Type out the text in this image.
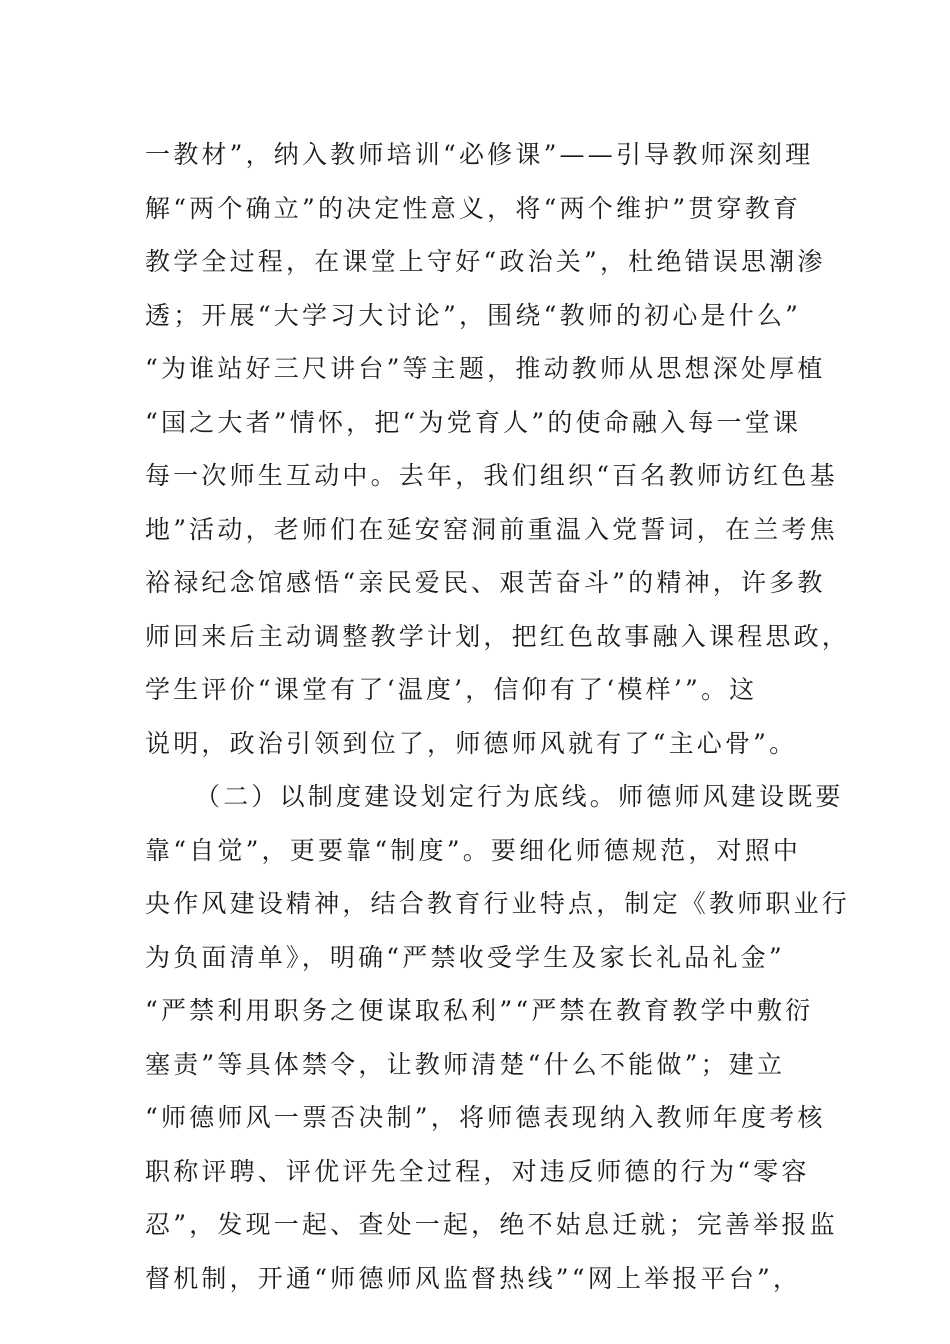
一教材”，纳入教师培训“必修课”——引导教师深刻理
解“两个确立”的决定性意义，将“两个维护”贯穿教育
教学全过程，在课堂上守好“政治关”，杜绝错误思潮渗
透；开展“大学习大讨论”，围绕“教师的初心是什么”
“为谁站好三尺讲台”等主题，推动教师从思想深处厚植
“国之大者”情怀，把“为党育人”的使命融入每一堂课
每一次师生互动中。去年，我们组织“百名教师访红色基
地”活动，老师们在延安窑洞前重温入党誓词，在兰考焦
裕禄纪念馆感悟“亲民爱民、艰苦奋斗”的精神，许多教
师回来后主动调整教学计划，把红色故事融入课程思政，
学生评价“课堂有了‘温度’，信仰有了‘模样’”。这
说明，政治引领到位了，师德师风就有了“主心骨”。
（二）以制度建设划定行为底线。师德师风建设既要
靠“自觉”，更要靠“制度”。要细化师德规范，对照中
央作风建设精神，结合教育行业特点，制定《教师职业行
为负面清单》，明确“严禁收受学生及家长礼品礼金”
“严禁利用职务之便谋取私利”“严禁在教育教学中敷衍
塞责”等具体禁令，让教师清楚“什么不能做”；建立
“师德师风一票否决制”，将师德表现纳入教师年度考核
职称评聘、评优评先全过程，对违反师德的行为“零容
忍”，发现一起、查处一起，绝不姑息迁就；完善举报监
督机制，开通“师德师风监督热线”“网上举报平台”，
